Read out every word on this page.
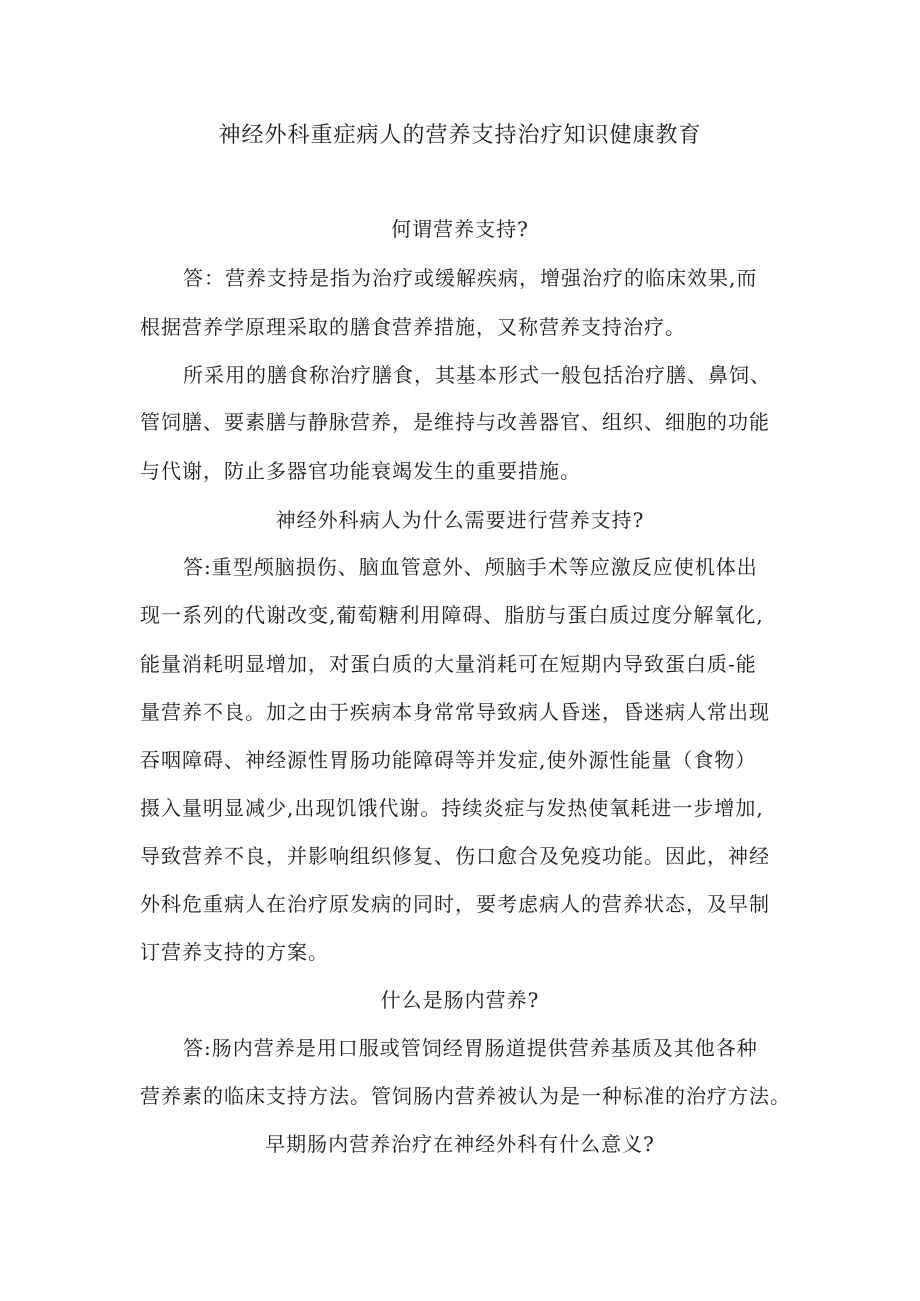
神经外科重症病人的营养支持治疗知识健康教育
何谓营养支持?
答：营养支持是指为治疗或缓解疾病，增强治疗的临床效果,而
根据营养学原理采取的膳食营养措施，又称营养支持治疗。
所采用的膳食称治疗膳食，其基本形式一般包括治疗膳、鼻饲、
管饲膳、要素膳与静脉营养，是维持与改善器官、组织、细胞的功能
与代谢，防止多器官功能衰竭发生的重要措施。
神经外科病人为什么需要进行营养支持?
答:重型颅脑损伤、脑血管意外、颅脑手术等应激反应使机体出
现一系列的代谢改变,葡萄糖利用障碍、脂肪与蛋白质过度分解氧化,
能量消耗明显增加，对蛋白质的大量消耗可在短期内导致蛋白质-能
量营养不良。加之由于疾病本身常常导致病人昏迷，昏迷病人常出现
吞咽障碍、神经源性胃肠功能障碍等并发症,使外源性能量（食物）
摄入量明显减少,出现饥饿代谢。持续炎症与发热使氧耗进一步增加,
导致营养不良，并影响组织修复、伤口愈合及免疫功能。因此，神经
外科危重病人在治疗原发病的同时，要考虑病人的营养状态，及早制
订营养支持的方案。
什么是肠内营养?
答:肠内营养是用口服或管饲经胃肠道提供营养基质及其他各种
营养素的临床支持方法。管饲肠内营养被认为是一种标准的治疗方法。
早期肠内营养治疗在神经外科有什么意义?
